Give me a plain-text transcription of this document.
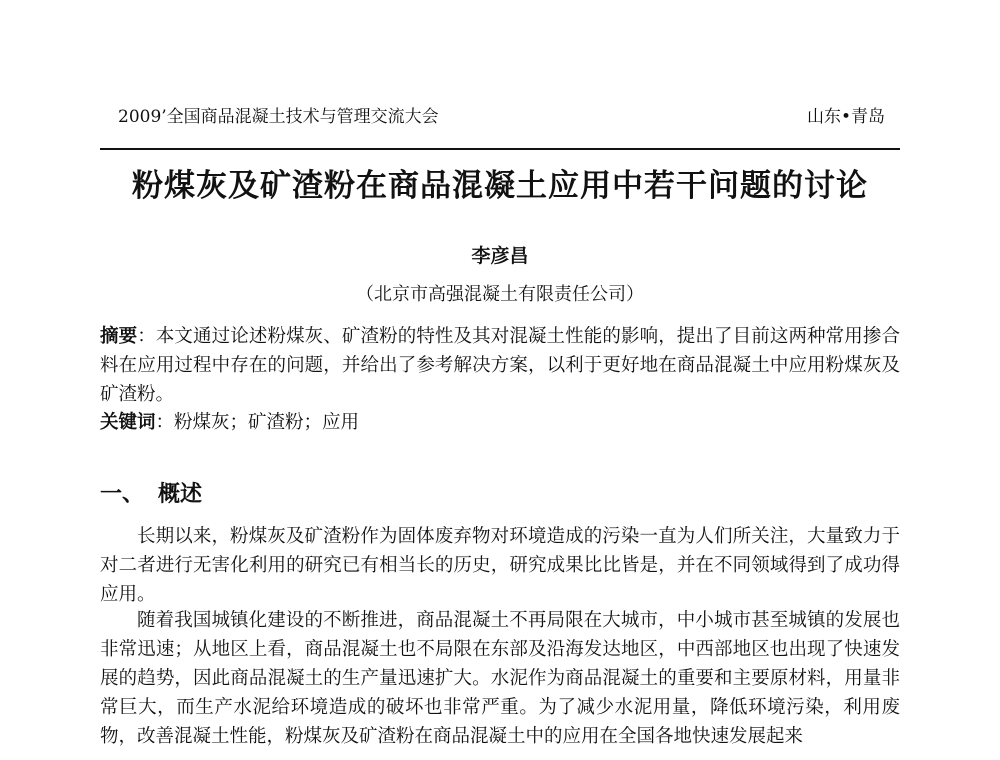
2009’全国商品混凝土技术与管理交流大会	山东•青岛
粉煤灰及矿渣粉在商品混凝土应用中若干问题的讨论
李彦昌
（北京市高强混凝土有限责任公司）

摘要：本文通过论述粉煤灰、矿渣粉的特性及其对混凝土性能的影响，提出了目前这两种常用掺合料在应用过程中存在的问题，并给出了参考解决方案，以利于更好地在商品混凝土中应用粉煤灰及矿渣粉。

关键词：粉煤灰；矿渣粉；应用

一、 概述

长期以来，粉煤灰及矿渣粉作为固体废弃物对环境造成的污染一直为人们所关注，大量致力于对二者进行无害化利用的研究已有相当长的历史，研究成果比比皆是，并在不同领域得到了成功得应用。

随着我国城镇化建设的不断推进，商品混凝土不再局限在大城市，中小城市甚至城镇的发展也非常迅速；从地区上看，商品混凝土也不局限在东部及沿海发达地区，中西部地区也出现了快速发展的趋势，因此商品混凝土的生产量迅速扩大。水泥作为商品混凝土的重要和主要原材料，用量非常巨大，而生产水泥给环境造成的破坏也非常严重。为了减少水泥用量，降低环境污染，利用废物，改善混凝土性能，粉煤灰及矿渣粉在商品混凝土中的应用在全国各地快速发展起来
